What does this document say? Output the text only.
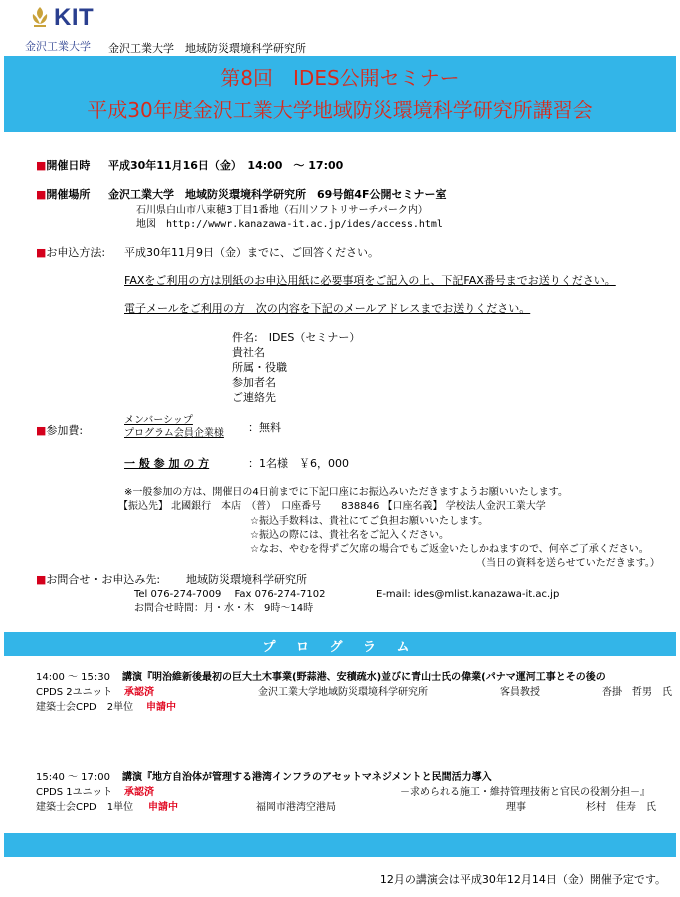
KIT
金沢工業大学 金沢工業大学　地域防災環境科学研究所
第8回　IDES公開セミナー
平成30年度金沢工業大学地域防災環境科学研究所講習会
■開催日時 平成30年11月16日（金）　14:00　～ 17:00
■開催場所 金沢工業大学　地域防災環境科学研究所　69号館4F公開セミナー室
石川県白山市八束穂3丁目1番地（石川ソフトリサーチパーク内）
地図　 http://wwwr.kanazawa-it.ac.jp/ides/access.html
■お申込方法: 平成30年11月9日（金）までに、ご回答ください。
FAXをご利用の方は別紙のお申込用紙に必要事項をご記入の上、下記FAX番号までお送りください。
電子メールをご利用の方　次の内容を下記のメールアドレスまでお送りください。
件名:　IDES（セミナー）
貴社名
所属・役職
参加者名
ご連絡先
■参加費:
メンバーシップ
プログラム会員企業様 ：無料
一 般 参 加 の 方	：1名様　￥6，000
※一般参加の方は、開催日の4日前までに下記口座にお振込みいただきますようお願いいたします。
【振込先】 北國銀行　本店　（普）　口座番号　　838846 【口座名義】 学校法人金沢工業大学
☆振込手数料は、貴社にてご負担お願いいたします。
☆振込の際には、貴社名をご記入ください。
☆なお、やむを得ずご欠席の場合でもご返金いたしかねますので、何卒ご了承ください。
（当日の資料を送らせていただきます。）
■お問合せ・お申込み先: 地域防災環境科学研究所
Tel 076-274-7009　 Fax 076-274-7102	E-mail: ides@mlist.kanazawa-it.ac.jp
お問合せ時間：月・水・木　9時～14時
プ ロ グ ラ ム
14:00 ～ 15:30 講演『明治維新後最初の巨大土木事業(野蒜港、安積疏水)並びに青山士氏の偉業(パナマ運河工事とその後の
CPDS 2ユニット 承認済	金沢工業大学地域防災環境科学研究所	客員教授	沓掛　哲男　氏
建築士会CPD　2単位 申請中
15:40 ～ 17:00 講演『地方自治体が管理する港湾インフラのアセットマネジメントと民間活力導入
CPDS 1ユニット 承認済	－求められる施工・維持管理技術と官民の役割分担－』
建築士会CPD　1単位 申請中	福岡市港湾空港局	理事	杉村　佳寿　氏
12月の講演会は平成30年12月14日（金）開催予定です。
